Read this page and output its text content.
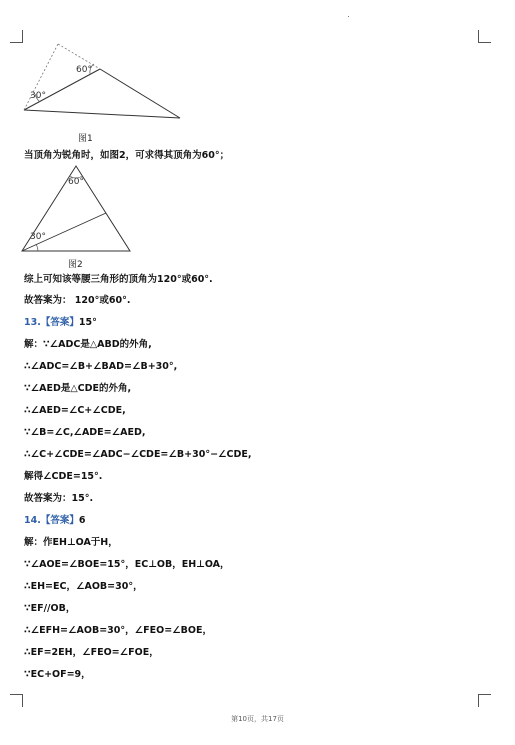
30°
60°
图1
当顶角为锐角时，如图2，可求得其顶角为60°；
60°
30°
图2
综上可知该等腰三角形的顶角为120°或60°.
故答案为： 120°或60°.
13.【答案】15°
解：∵∠ADC是△ABD的外角,
∴∠ADC=∠B+∠BAD=∠B+30°,
∵∠AED是△CDE的外角,
∴∠AED=∠C+∠CDE,
∵∠B=∠C,∠ADE=∠AED,
∴∠C+∠CDE=∠ADC−∠CDE=∠B+30°−∠CDE,
解得∠CDE=15°.
故答案为：15°.
14.【答案】6
解：作EH⊥OA于H，
∵∠AOE=∠BOE=15°，EC⊥OB，EH⊥OA，
∴EH=EC，∠AOB=30°，
∵EF//OB，
∴∠EFH=∠AOB=30°，∠FEO=∠BOE，
∴EF=2EH，∠FEO=∠FOE，
∵EC+OF=9，
第10页，共17页
